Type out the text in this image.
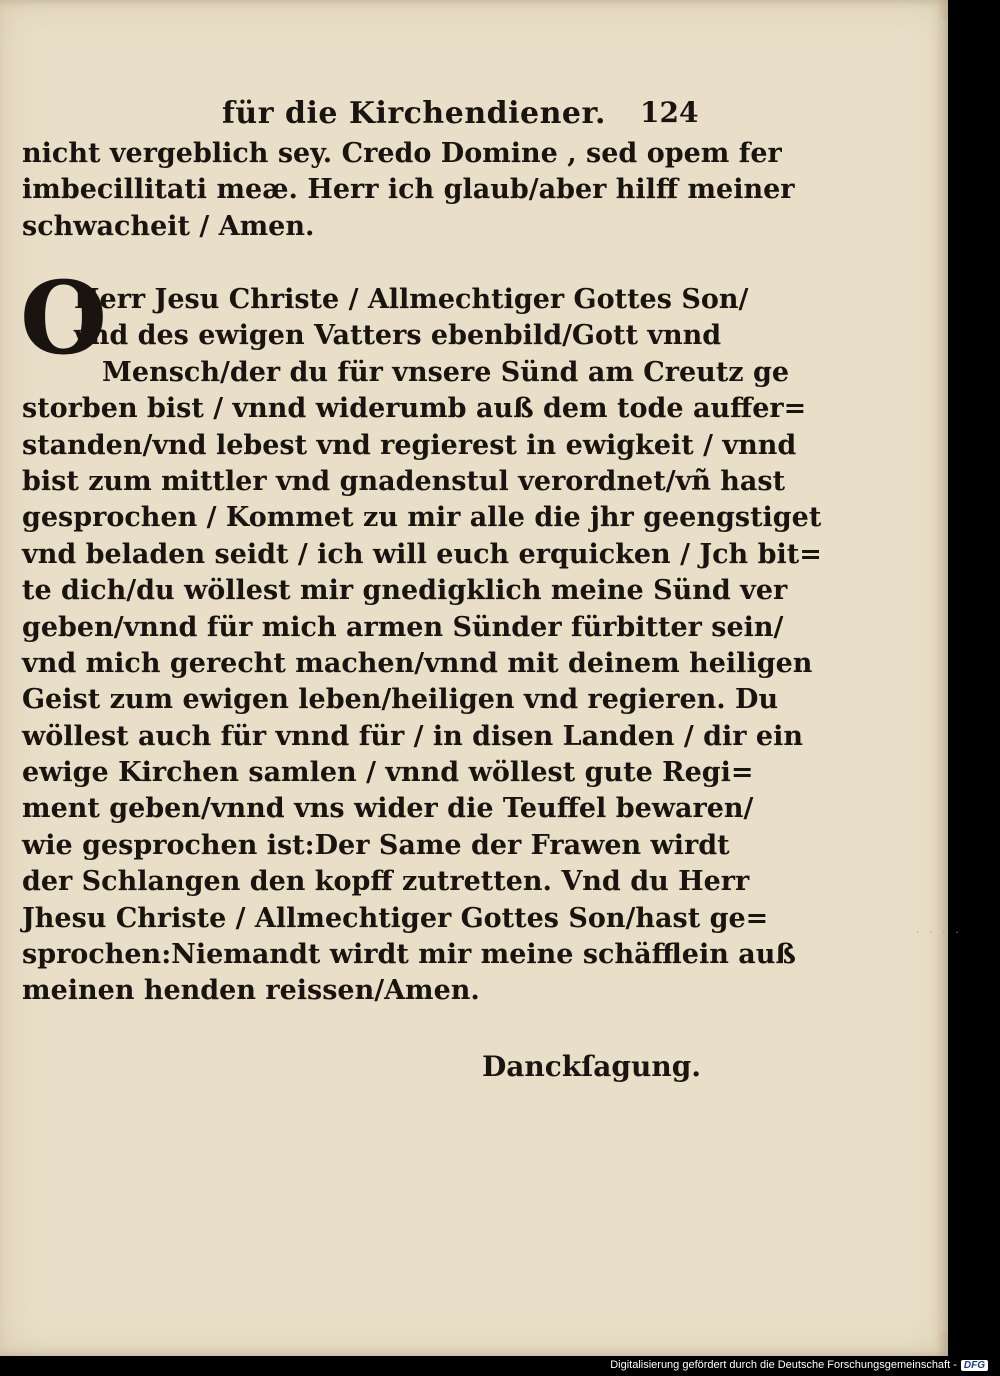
für die Kirchendiener. 124
nicht vergeblich sey. Credo Domine , sed opem fer
imbecillitati meæ. Herr ich glaub/aber hilff meiner
schwacheit / Amen.
O
Herr Jesu Christe / Allmechtiger Gottes Son/
vnd des ewigen Vatters ebenbild/Gott vnnd
Mensch/der du für vnsere Sünd am Creutz ge
storben bist / vnnd widerumb auß dem tode auffer=
standen/vnd lebest vnd regierest in ewigkeit / vnnd
bist zum mittler vnd gnadenstul verordnet/vñ hast
gesprochen / Kommet zu mir alle die jhr geengstiget
vnd beladen seidt / ich will euch erquicken / Jch bit=
te dich/du wöllest mir gnedigklich meine Sünd ver
geben/vnnd für mich armen Sünder fürbitter sein/
vnd mich gerecht machen/vnnd mit deinem heiligen
Geist zum ewigen leben/heiligen vnd regieren. Du
wöllest auch für vnnd für / in disen Landen / dir ein
ewige Kirchen samlen / vnnd wöllest gute Regi=
ment geben/vnnd vns wider die Teuffel bewaren/
wie gesprochen ist:Der Same der Frawen wirdt
der Schlangen den kopff zutretten. Vnd du Herr
Jhesu Christe / Allmechtiger Gottes Son/hast ge=
sprochen:Niemandt wirdt mir meine schäfflein auß
meinen henden reissen/Amen.
Danckſagung.
····
Digitalisierung gefördert durch die Deutsche Forschungsgemeinschaft - DFG
